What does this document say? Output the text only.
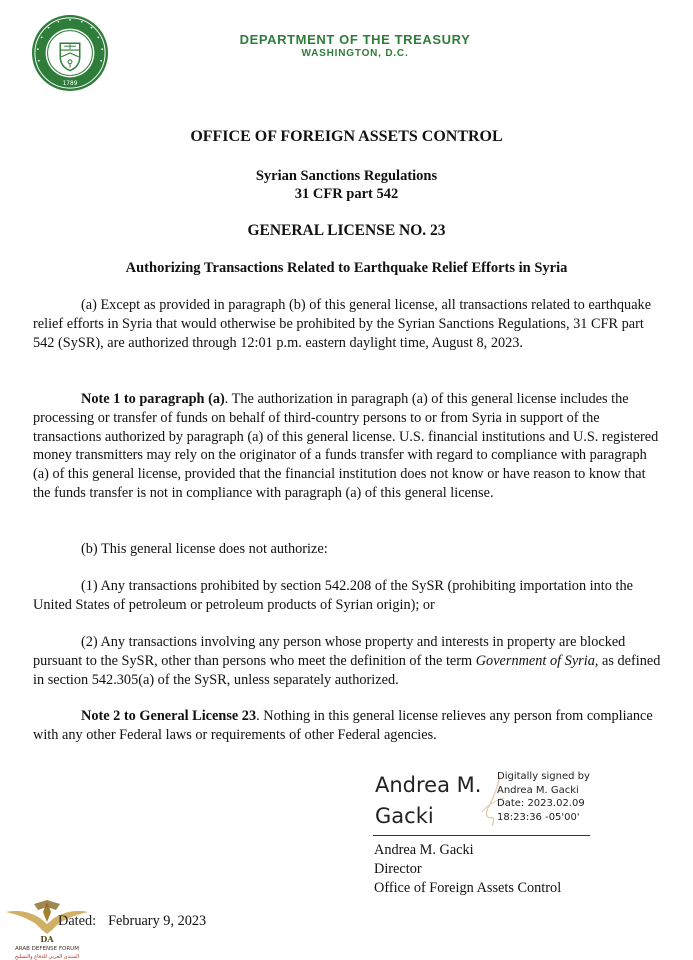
1789
DEPARTMENT OF THE TREASURY
WASHINGTON, D.C.
OFFICE OF FOREIGN ASSETS CONTROL
Syrian Sanctions Regulations
31 CFR part 542
GENERAL LICENSE NO. 23
Authorizing Transactions Related to Earthquake Relief Efforts in Syria

(a) Except as provided in paragraph (b) of this general license, all transactions related to earthquake relief efforts in Syria that would otherwise be prohibited by the Syrian Sanctions Regulations, 31 CFR part 542 (SySR), are authorized through 12:01 p.m. eastern daylight time, August 8, 2023.

Note 1 to paragraph (a). The authorization in paragraph (a) of this general license includes the processing or transfer of funds on behalf of third-country persons to or from Syria in support of the transactions authorized by paragraph (a) of this general license. U.S. financial institutions and U.S. registered money transmitters may rely on the originator of a funds transfer with regard to compliance with paragraph (a) of this general license, provided that the financial institution does not know or have reason to know that the funds transfer is not in compliance with paragraph (a) of this general license.

(b) This general license does not authorize:

(1) Any transactions prohibited by section 542.208 of the SySR (prohibiting importation into the United States of petroleum or petroleum products of Syrian origin); or

(2) Any transactions involving any person whose property and interests in property are blocked pursuant to the SySR, other than persons who meet the definition of the term Government of Syria, as defined in section 542.305(a) of the SySR, unless separately authorized.

Note 2 to General License 23. Nothing in this general license relieves any person from compliance with any other Federal laws or requirements of other Federal agencies.

Andrea M.
Gacki
Digitally signed by
Andrea M. Gacki
Date: 2023.02.09
18:23:36 -05'00'
Andrea M. Gacki
Director
Office of Foreign Assets Control
DA
ARAB DEFENSE FORUM
المنتدى العربي للدفاع والتسليح
Dated: February 9, 2023
